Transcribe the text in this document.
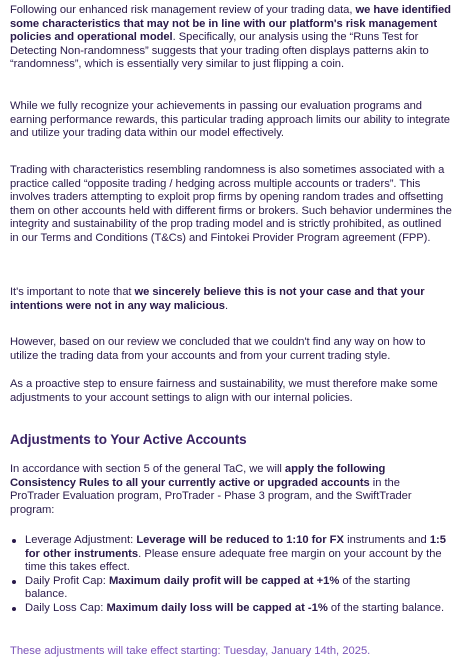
Following our enhanced risk management review of your trading data, we have identified some characteristics that may not be in line with our platform's risk management policies and operational model. Specifically, our analysis using the “Runs Test for Detecting Non-randomness” suggests that your trading often displays patterns akin to “randomness”, which is essentially very similar to just flipping a coin.

While we fully recognize your achievements in passing our evaluation programs and earning performance rewards, this particular trading approach limits our ability to integrate and utilize your trading data within our model effectively.

Trading with characteristics resembling randomness is also sometimes associated with a practice called “opposite trading / hedging across multiple accounts or traders”. This involves traders attempting to exploit prop firms by opening random trades and offsetting them on other accounts held with different firms or brokers. Such behavior undermines the integrity and sustainability of the prop trading model and is strictly prohibited, as outlined in our Terms and Conditions (T&Cs) and Fintokei Provider Program agreement (FPP).

It's important to note that we sincerely believe this is not your case and that your intentions were not in any way malicious.

However, based on our review we concluded that we couldn't find any way on how to utilize the trading data from your accounts and from your current trading style.

As a proactive step to ensure fairness and sustainability, we must therefore make some adjustments to your account settings to align with our internal policies.

Adjustments to Your Active Accounts

In accordance with section 5 of the general TaC, we will apply the following Consistency Rules to all your currently active or upgraded accounts in the ProTrader Evaluation program, ProTrader - Phase 3 program, and the SwiftTrader program:

Leverage Adjustment: Leverage will be reduced to 1:10 for FX instruments and 1:5 for other instruments. Please ensure adequate free margin on your account by the time this takes effect.
Daily Profit Cap: Maximum daily profit will be capped at +1% of the starting balance.
Daily Loss Cap: Maximum daily loss will be capped at -1% of the starting balance.

These adjustments will take effect starting: Tuesday, January 14th, 2025.
